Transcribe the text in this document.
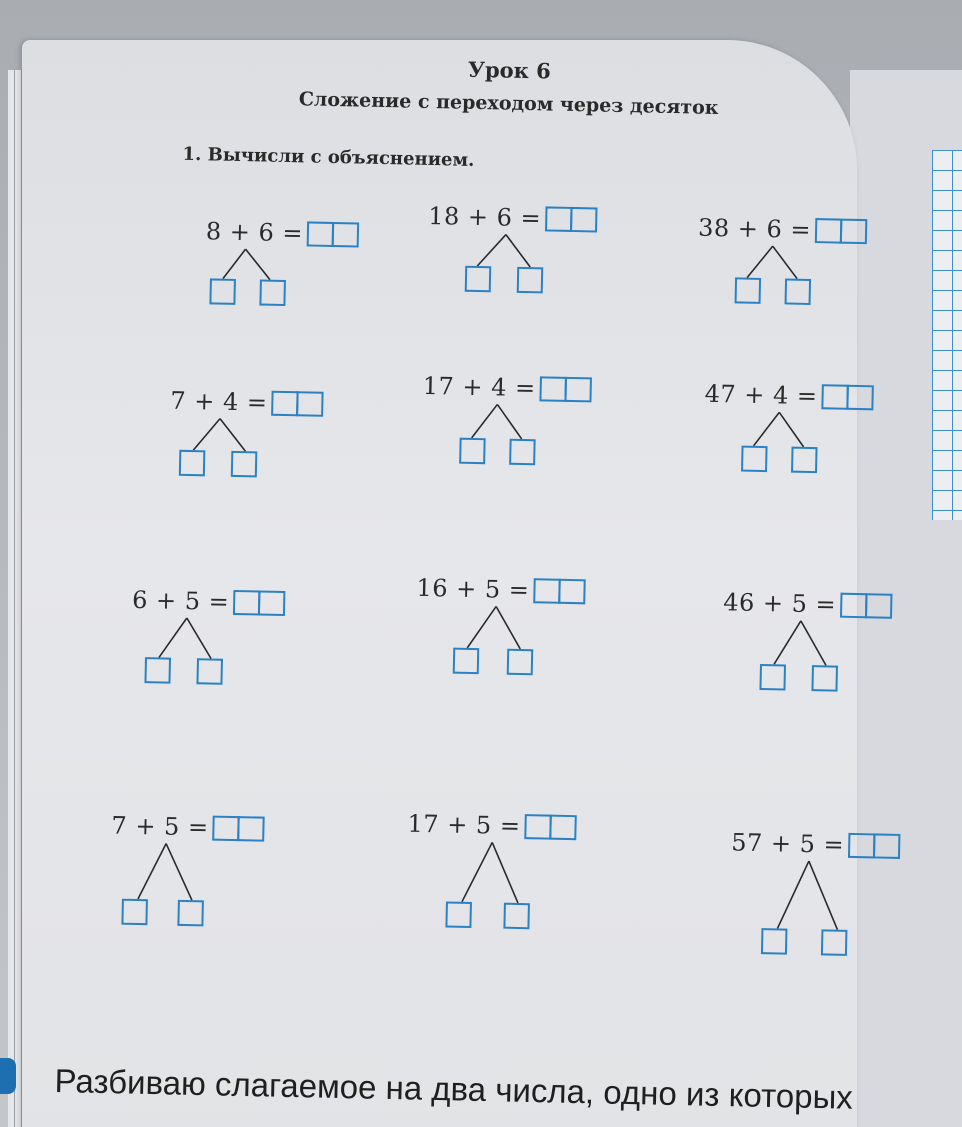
Урок 6
Сложение с переходом через десяток
1. Вычисли с объяснением.
8 + 6 =
18 + 6 =	38 + 6 =
7 + 4 =	17 + 4 =	47 + 4 =
6 + 5 =	16 + 5 =	46 + 5 =
7 + 5 =	17 + 5 =
57 + 5 =
Разбиваю слагаемое на два числа, одно из которых
